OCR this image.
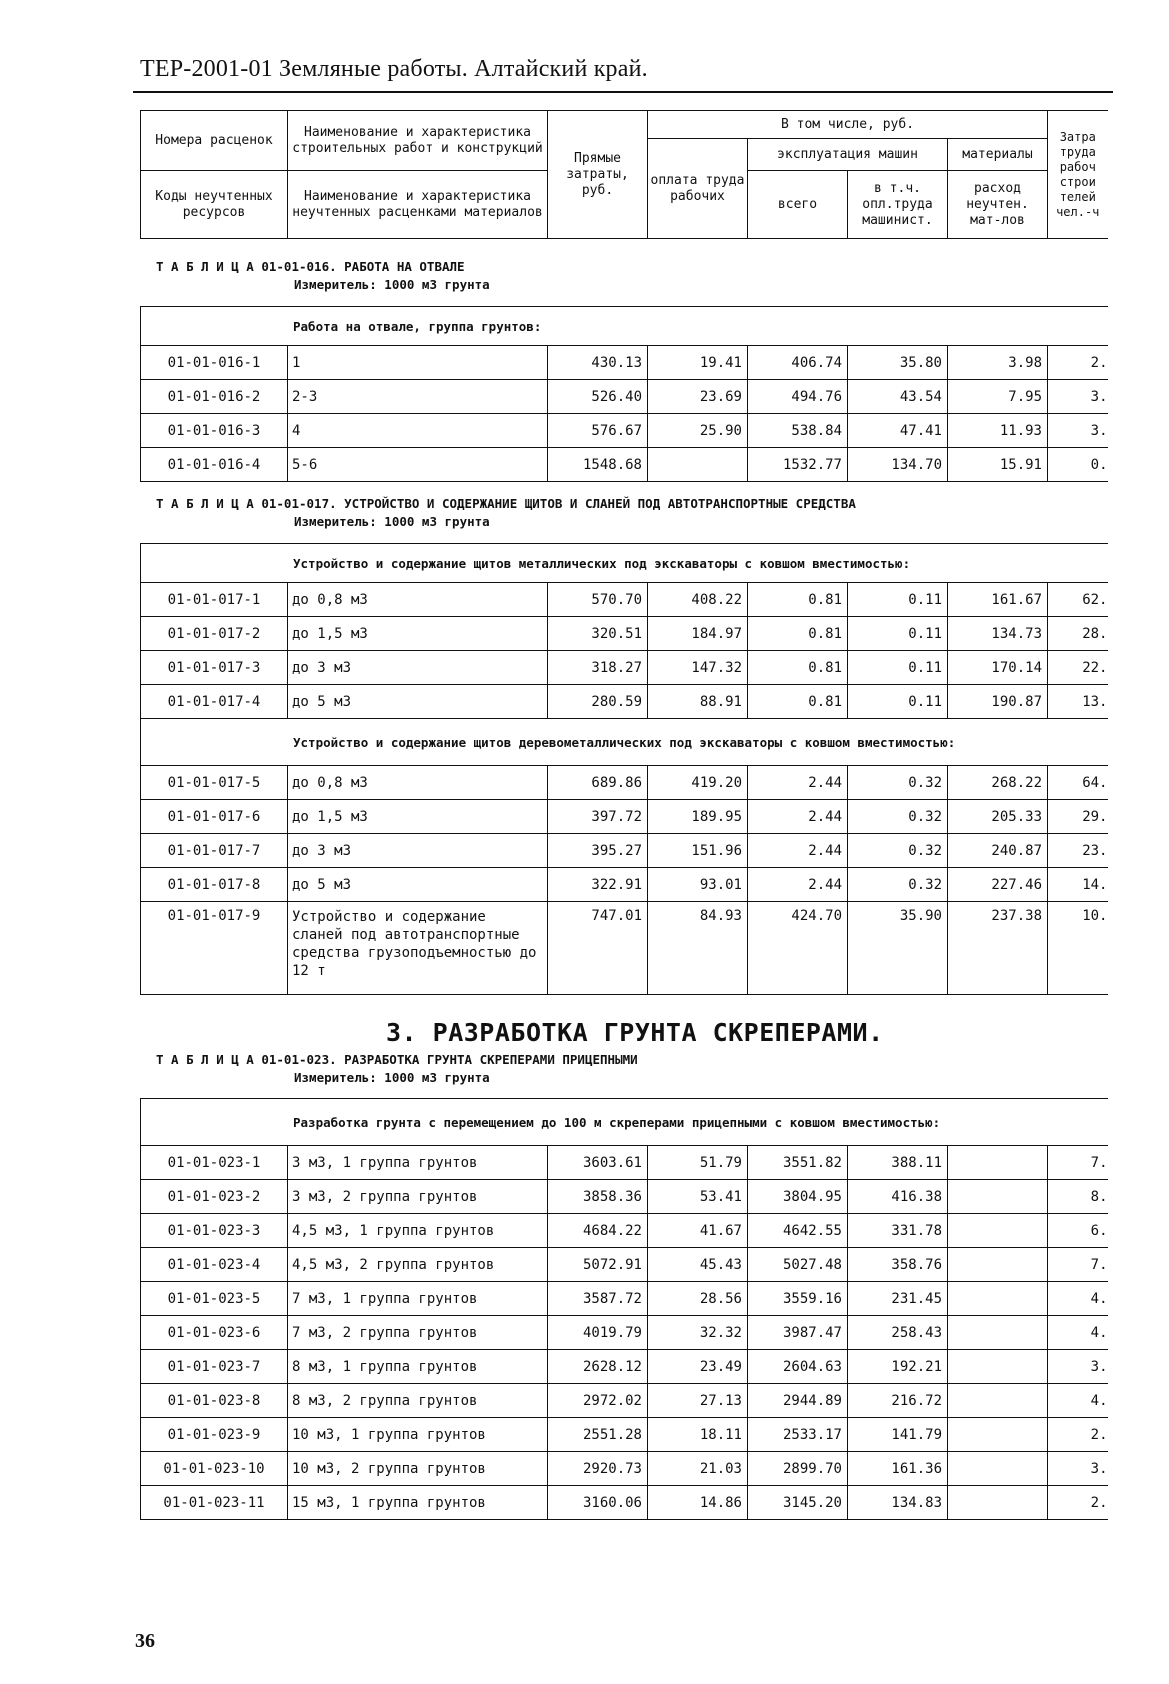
ТЕР-2001-01 Земляные работы. Алтайский край.
Номера расценок	Наименование и характеристика строительных работ и конструкций	Прямые затраты, руб.	В том числе, руб.				Затра труда рабоч строи телей чел.-ч
			оплата труда рабочих	эксплуатация машин		материалы	
Коды неучтенных ресурсов	Наименование и характеристика неучтенных расценками материалов			всего	в т.ч. опл.труда машинист.	расход неучтен. мат-лов	

Т А Б Л И Ц А 01-01-016. РАБОТА НА ОТВАЛЕ
Измеритель: 1000 м3 грунта
Работа на отвале, группа грунтов:							
01-01-016-1	1	430.13	19.41	406.74	35.80	3.98	2.
01-01-016-2	2-3	526.40	23.69	494.76	43.54	7.95	3.
01-01-016-3	4	576.67	25.90	538.84	47.41	11.93	3.
01-01-016-4	5-6	1548.68		1532.77	134.70	15.91	0.
Т А Б Л И Ц А 01-01-017. УСТРОЙСТВО И СОДЕРЖАНИЕ ЩИТОВ И СЛАНЕЙ ПОД АВТОТРАНСПОРТНЫЕ СРЕДСТВА
Измеритель: 1000 м3 грунта
Устройство и содержание щитов металлических под экскаваторы с ковшом вместимостью:							
01-01-017-1	до 0,8 м3	570.70	408.22	0.81	0.11	161.67	62.
01-01-017-2	до 1,5 м3	320.51	184.97	0.81	0.11	134.73	28.
01-01-017-3	до 3 м3	318.27	147.32	0.81	0.11	170.14	22.
01-01-017-4	до 5 м3	280.59	88.91	0.81	0.11	190.87	13.
Устройство и содержание щитов деревометаллических под экскаваторы с ковшом вместимостью:							
01-01-017-5	до 0,8 м3	689.86	419.20	2.44	0.32	268.22	64.
01-01-017-6	до 1,5 м3	397.72	189.95	2.44	0.32	205.33	29.
01-01-017-7	до 3 м3	395.27	151.96	2.44	0.32	240.87	23.
01-01-017-8	до 5 м3	322.91	93.01	2.44	0.32	227.46	14.
01-01-017-9	Устройство и содержание сланей под автотранспортные средства грузоподъемностью до 12 т	747.01	84.93	424.70	35.90	237.38	10.
3. РАЗРАБОТКА ГРУНТА СКРЕПЕРАМИ.
Т А Б Л И Ц А 01-01-023. РАЗРАБОТКА ГРУНТА СКРЕПЕРАМИ ПРИЦЕПНЫМИ
Измеритель: 1000 м3 грунта
Разработка грунта с перемещением до 100 м скреперами прицепными с ковшом вместимостью:							
01-01-023-1	3 м3, 1 группа грунтов	3603.61	51.79	3551.82	388.11		7.
01-01-023-2	3 м3, 2 группа грунтов	3858.36	53.41	3804.95	416.38		8.
01-01-023-3	4,5 м3, 1 группа грунтов	4684.22	41.67	4642.55	331.78		6.
01-01-023-4	4,5 м3, 2 группа грунтов	5072.91	45.43	5027.48	358.76		7.
01-01-023-5	7 м3, 1 группа грунтов	3587.72	28.56	3559.16	231.45		4.
01-01-023-6	7 м3, 2 группа грунтов	4019.79	32.32	3987.47	258.43		4.
01-01-023-7	8 м3, 1 группа грунтов	2628.12	23.49	2604.63	192.21		3.
01-01-023-8	8 м3, 2 группа грунтов	2972.02	27.13	2944.89	216.72		4.
01-01-023-9	10 м3, 1 группа грунтов	2551.28	18.11	2533.17	141.79		2.
01-01-023-10	10 м3, 2 группа грунтов	2920.73	21.03	2899.70	161.36		3.
01-01-023-11	15 м3, 1 группа грунтов	3160.06	14.86	3145.20	134.83		2.
36
